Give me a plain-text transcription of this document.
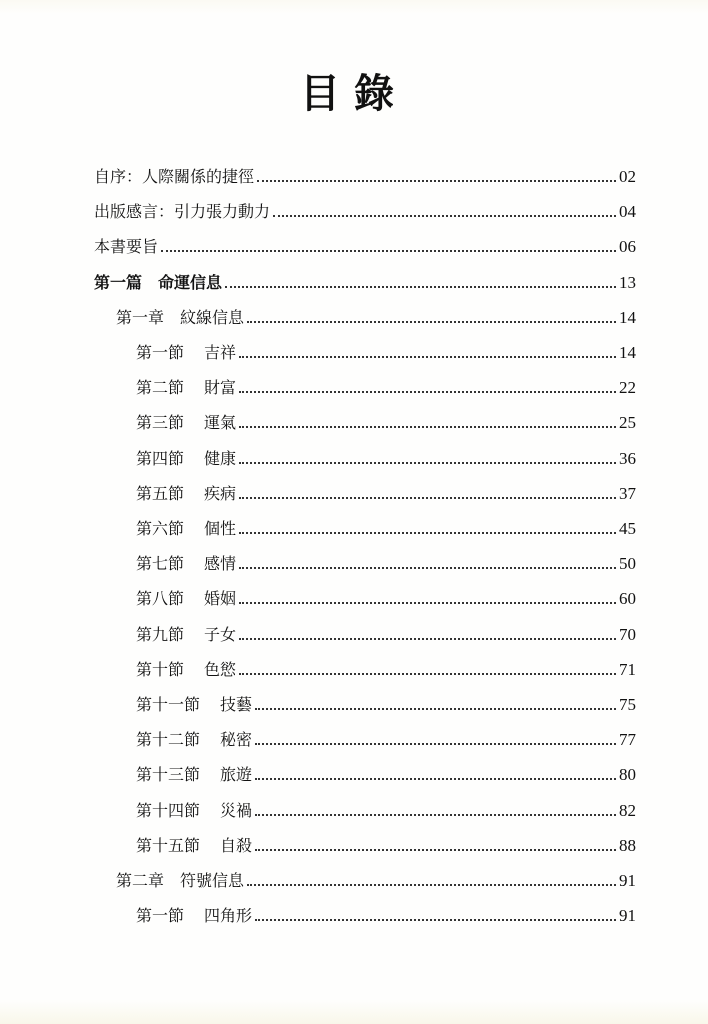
目錄
自序：人際關係的捷徑	02
出版感言：引力張力動力	04
本書要旨	06
第一篇 命運信息	13
第一章 紋線信息	14
第一節 吉祥	14
第二節 財富	22
第三節 運氣	25
第四節 健康	36
第五節 疾病	37
第六節 個性	45
第七節 感情	50
第八節 婚姻	60
第九節 子女	70
第十節 色慾	71
第十一節 技藝	75
第十二節 秘密	77
第十三節 旅遊	80
第十四節 災禍	82
第十五節 自殺	88
第二章 符號信息	91
第一節 四角形	91
